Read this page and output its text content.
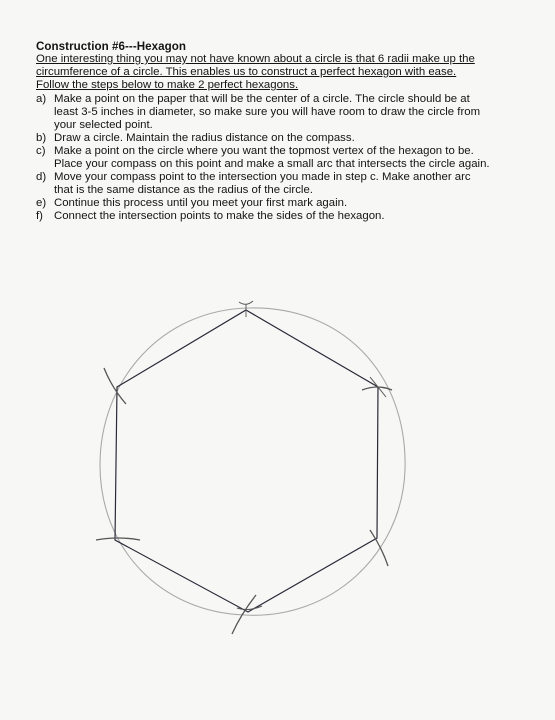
Construction #6---Hexagon
One interesting thing you may not have known about a circle is that 6 radii make up the
circumference of a circle. This enables us to construct a perfect hexagon with ease.
Follow the steps below to make 2 perfect hexagons.
a) Make a point on the paper that will be the center of a circle. The circle should be at
least 3-5 inches in diameter, so make sure you will have room to draw the circle from
your selected point.
b) Draw a circle. Maintain the radius distance on the compass.
c) Make a point on the circle where you want the topmost vertex of the hexagon to be.
Place your compass on this point and make a small arc that intersects the circle again.
d) Move your compass point to the intersection you made in step c. Make another arc
that is the same distance as the radius of the circle.
e) Continue this process until you meet your first mark again.
f) Connect the intersection points to make the sides of the hexagon.
